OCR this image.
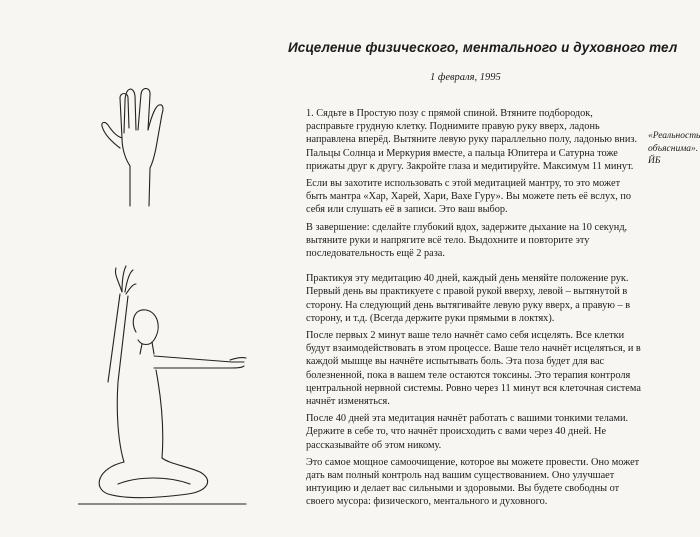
Исцеление физического, ментального и духовного тел
1 февраля, 1995

1. Сядьте в Простую позу с прямой спиной. Втяните подбородок, расправьте грудную клетку. Поднимите правую руку вверх, ладонь направлена вперёд. Вытяните левую руку параллельно полу, ладонью вниз. Пальцы Солнца и Меркурия вместе, а пальца Юпитера и Сатурна тоже прижаты друг к другу. Закройте глаза и медитируйте. Максимум 11 минут.

Если вы захотите использовать с этой медитацией мантру, то это может быть мантра «Хар, Харей, Хари, Вахе Гуру». Вы можете петь её вслух, по себя или слушать её в записи. Это ваш выбор.

В завершение: сделайте глубокий вдох, задержите дыхание на 10 секунд, вытяните руки и напрягите всё тело. Выдохните и повторите эту последовательность ещё 2 раза.

Практикуя эту медитацию 40 дней, каждый день меняйте положение рук. Первый день вы практикуете с правой рукой вверху, левой – вытянутой в сторону. На следующий день вытягивайте левую руку вверх, а правую – в сторону, и т.д. (Всегда держите руки прямыми в локтях).

После первых 2 минут ваше тело начнёт само себя исцелять. Все клетки будут взаимодействовать в этом процессе. Ваше тело начнёт исцеляться, и в каждой мышце вы начнёте испытывать боль. Эта поза будет для вас болезненной, пока в вашем теле остаются токсины. Это терапия контроля центральной нервной системы. Ровно через 11 минут вся клеточная система начнёт изменяться.

После 40 дней эта медитация начнёт работать с вашими тонкими телами. Держите в себе то, что начнёт происходить с вами через 40 дней. Не рассказывайте об этом никому.

Это самое мощное самоочищение, которое вы можете провести. Оно может дать вам полный контроль над вашим существованием. Оно улучшает интуицию и делает вас сильными и здоровыми. Вы будете свободны от своего мусора: физического, ментального и духовного.

«Реальность
объяснима».
ЙБ
